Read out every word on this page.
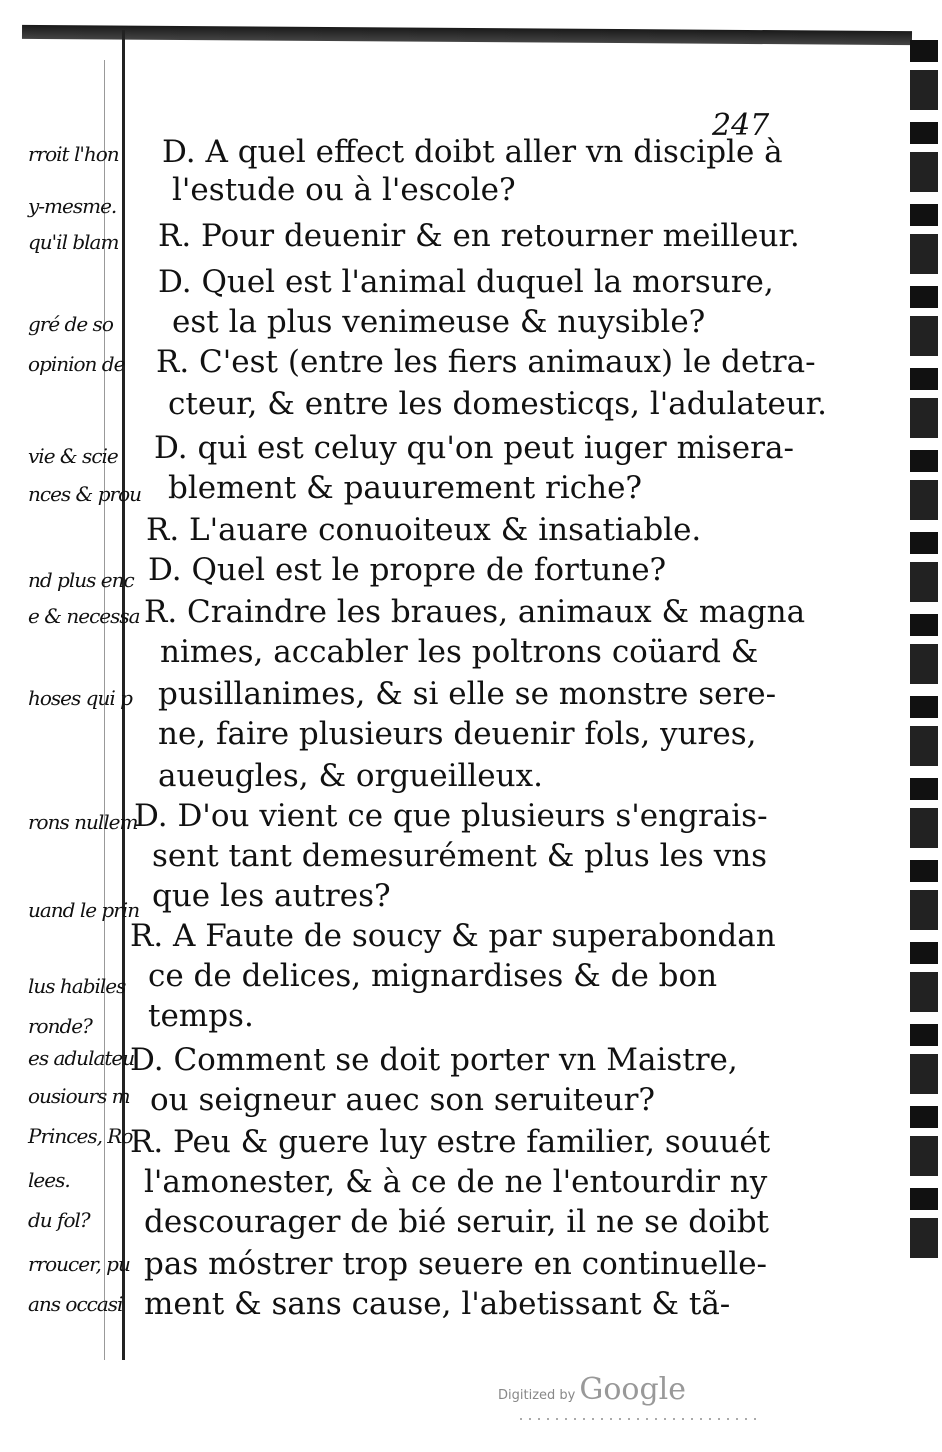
rroit l'hon
y-mesme.
qu'il blam
gré de so
opinion de
vie & scie
nces & prou
nd plus enc
e & necessa
hoses qui p
rons nullem
uand le prin
lus habiles
ronde?
es adulateu
ousiours m
Princes, Ro
lees.
du fol?
rroucer, pu
ans occasi
247
D. A quel effect doibt aller vn disciple à
l'estude ou à l'escole?
R. Pour deuenir & en retourner meilleur.
D. Quel est l'animal duquel la morsure,
est la plus venimeuse & nuysible?
R. C'est (entre les fiers animaux) le detra-
cteur, & entre les domesticqs, l'adulateur.
D. qui est celuy qu'on peut iuger misera-
blement & pauurement riche?
R. L'auare conuoiteux & insatiable.
D. Quel est le propre de fortune?
R. Craindre les braues, animaux & magna
nimes, accabler les poltrons coüard &
pusillanimes, & si elle se monstre sere-
ne, faire plusieurs deuenir fols, yures,
aueugles, & orgueilleux.
D. D'ou vient ce que plusieurs s'engrais-
sent tant demesurément & plus les vns
que les autres?
R. A Faute de soucy & par superabondan
ce de delices, mignardises & de bon
temps.
D. Comment se doit porter vn Maistre,
ou seigneur auec son seruiteur?
R. Peu & guere luy estre familier, souuét
l'amonester, & à ce de ne l'entourdir ny
descourager de bié seruir, il ne se doibt
pas móstrer trop seuere en continuelle-
ment & sans cause, l'abetissant & tã-
Digitized by Google
